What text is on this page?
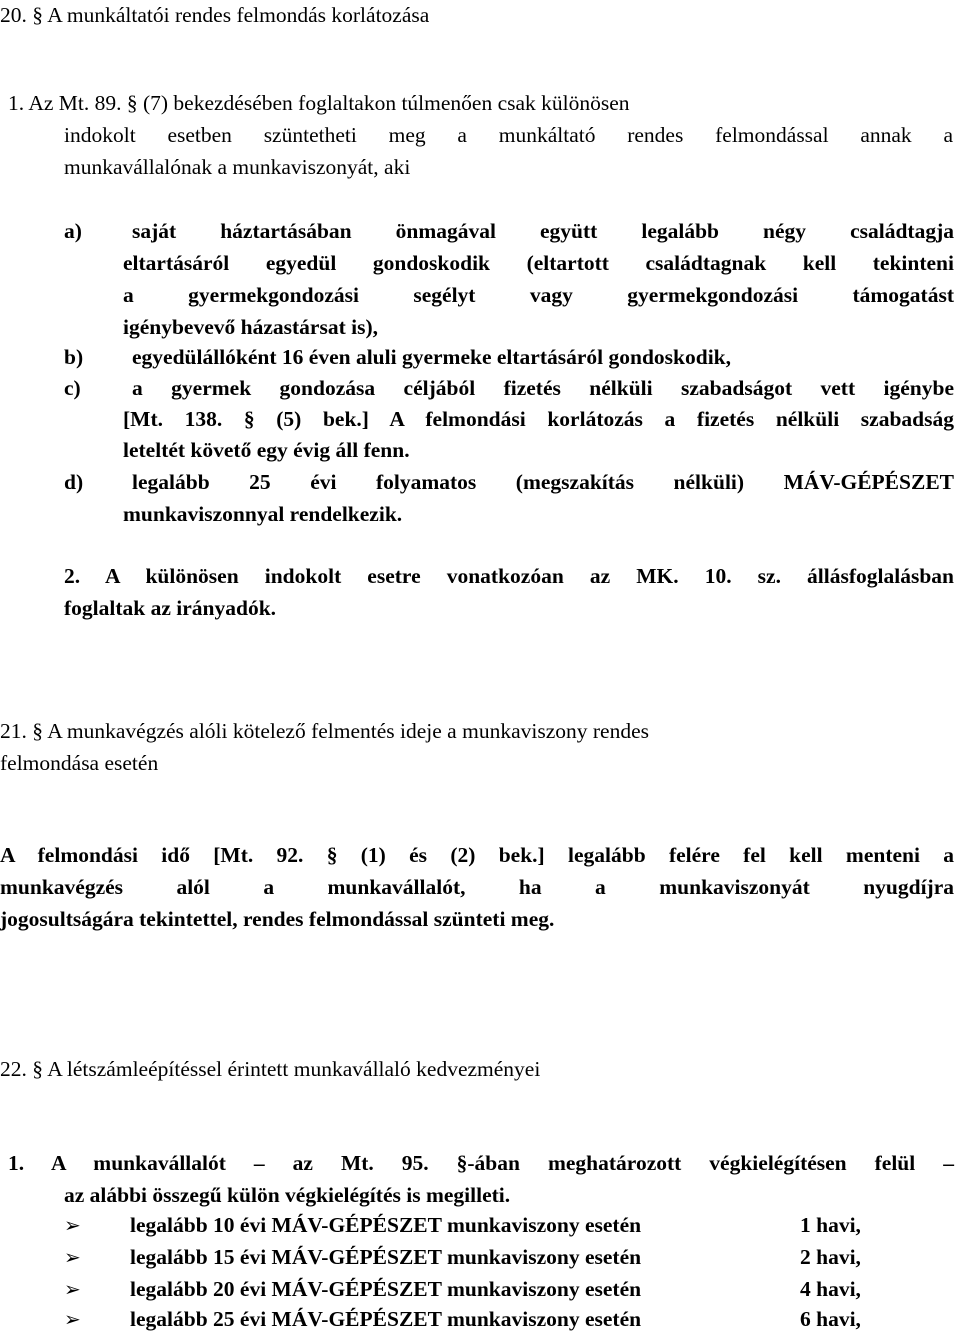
20. § A munkáltatói rendes felmondás korlátozása
1. Az Mt. 89. § (7) bekezdésében foglaltakon túlmenően csak különösen
indokolt esetben szüntetheti meg a munkáltató rendes felmondással annak a
munkavállalónak a munkaviszonyát, aki
a) saját háztartásában önmagával együtt legalább négy családtagja
eltartásáról egyedül gondoskodik (eltartott családtagnak kell tekinteni
a gyermekgondozási segélyt vagy gyermekgondozási támogatást
igénybevevő házastársat is),
b) egyedülállóként 16 éven aluli gyermeke eltartásáról gondoskodik,
c) a gyermek gondozása céljából fizetés nélküli szabadságot vett igénybe
[Mt. 138. § (5) bek.] A felmondási korlátozás a fizetés nélküli szabadság
leteltét követő egy évig áll fenn.
d) legalább 25 évi folyamatos (megszakítás nélküli) MÁV-GÉPÉSZET
munkaviszonnyal rendelkezik.
2. A különösen indokolt esetre vonatkozóan az MK. 10. sz. állásfoglalásban
foglaltak az irányadók.
21. § A munkavégzés alóli kötelező felmentés ideje a munkaviszony rendes
felmondása esetén
A felmondási idő [Mt. 92. § (1) és (2) bek.] legalább felére fel kell menteni a
munkavégzés alól a munkavállalót, ha a munkaviszonyát nyugdíjra
jogosultságára tekintettel, rendes felmondással szünteti meg.
22. § A létszámleépítéssel érintett munkavállaló kedvezményei
1. A munkavállalót – az Mt. 95. §-ában meghatározott végkielégítésen felül –
az alábbi összegű külön végkielégítés is megilleti.
➢ legalább 10 évi MÁV-GÉPÉSZET munkaviszony esetén	1 havi,
➢ legalább 15 évi MÁV-GÉPÉSZET munkaviszony esetén	2 havi,
➢ legalább 20 évi MÁV-GÉPÉSZET munkaviszony esetén	4 havi,
➢ legalább 25 évi MÁV-GÉPÉSZET munkaviszony esetén	6 havi,
